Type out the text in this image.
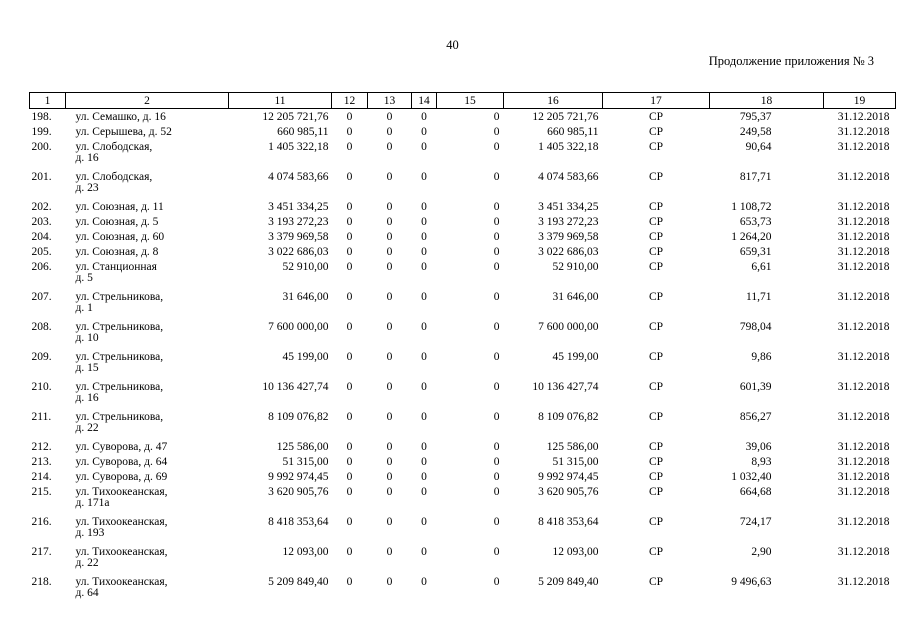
40
Продолжение приложения № 3
1	2	11	12	13	14	15	16	17	18	19
198.	ул. Семашко, д. 16	12 205 721,76	0	0	0	0	12 205 721,76	СР	795,37	31.12.2018
199.	ул. Серышева, д. 52	660 985,11	0	0	0	0	660 985,11	СР	249,58	31.12.2018
200.	ул. Слободская,
д. 16	1 405 322,18	0	0	0	0	1 405 322,18	СР	90,64	31.12.2018
201.	ул. Слободская,
д. 23	4 074 583,66	0	0	0	0	4 074 583,66	СР	817,71	31.12.2018
202.	ул. Союзная, д. 11	3 451 334,25	0	0	0	0	3 451 334,25	СР	1 108,72	31.12.2018
203.	ул. Союзная, д. 5	3 193 272,23	0	0	0	0	3 193 272,23	СР	653,73	31.12.2018
204.	ул. Союзная, д. 60	3 379 969,58	0	0	0	0	3 379 969,58	СР	1 264,20	31.12.2018
205.	ул. Союзная, д. 8	3 022 686,03	0	0	0	0	3 022 686,03	СР	659,31	31.12.2018
206.	ул. Станционная
д. 5	52 910,00	0	0	0	0	52 910,00	СР	6,61	31.12.2018
207.	ул. Стрельникова,
д. 1	31 646,00	0	0	0	0	31 646,00	СР	11,71	31.12.2018
208.	ул. Стрельникова,
д. 10	7 600 000,00	0	0	0	0	7 600 000,00	СР	798,04	31.12.2018
209.	ул. Стрельникова,
д. 15	45 199,00	0	0	0	0	45 199,00	СР	9,86	31.12.2018
210.	ул. Стрельникова,
д. 16	10 136 427,74	0	0	0	0	10 136 427,74	СР	601,39	31.12.2018
211.	ул. Стрельникова,
д. 22	8 109 076,82	0	0	0	0	8 109 076,82	СР	856,27	31.12.2018
212.	ул. Суворова, д. 47	125 586,00	0	0	0	0	125 586,00	СР	39,06	31.12.2018
213.	ул. Суворова, д. 64	51 315,00	0	0	0	0	51 315,00	СР	8,93	31.12.2018
214.	ул. Суворова, д. 69	9 992 974,45	0	0	0	0	9 992 974,45	СР	1 032,40	31.12.2018
215.	ул. Тихоокеанская,
д. 171а	3 620 905,76	0	0	0	0	3 620 905,76	СР	664,68	31.12.2018
216.	ул. Тихоокеанская,
д. 193	8 418 353,64	0	0	0	0	8 418 353,64	СР	724,17	31.12.2018
217.	ул. Тихоокеанская,
д. 22	12 093,00	0	0	0	0	12 093,00	СР	2,90	31.12.2018
218.	ул. Тихоокеанская,
д. 64	5 209 849,40	0	0	0	0	5 209 849,40	СР	9 496,63	31.12.2018
